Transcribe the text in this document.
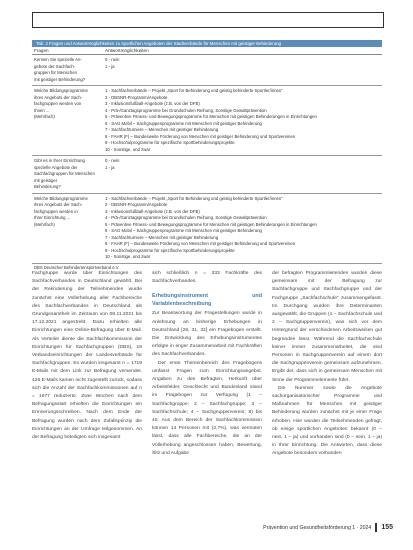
Tab. 2 Fragen und Antwortmöglichkeiten zu sportlichen Angeboten der Stadtverbände für Menschen mit geistiger Behinderung
Fragen	Antwortmöglichkeiten
Kennen Sie spezielle An-
gebote der Sachfach-
gruppen für Menschen
mit geistiger Behinderung?
0 - nein
1 - ja
Welche Bildungsprogramme
ihres Angebots der Sach-
fachgruppen werden von
Ihnen ...
(Mehrfach)
1 - Sachfachverbände – Projekt „Sport für Behinderung und geistig behinderte Sportler/innen“
2 - DBSNR-Programm/Angebote
3 - Inklusionsfußball-Angebote (z.B. von der DFB)
4 - Prä-/Ganztagsprogramme bei Grundschulen Reihung, Sonstige Gewaltprävention
5 - Präventive Fitness- und Bewegungsprogramme für Menschen mit geistigen Behinderungen in Einrichtungen
6 - SAG Mobil – Sachgruppenprogramme mit Menschen mit geistiger Behinderung
7 - Sachfachturniere – Menschen mit geistiger Behinderung
8 - FAHR (F) – Bundesweite Förderung von Menschen mit geistiger Behinderung und Sportvereinen
9 - Hochschulprogramme für spezifische Sportbehinderungsprojekte
10 - Sonstige, und zwar
Gibt es in Ihrer Einrichtung
spezielle Angebote der
Sachfachgruppen für Menschen
mit geistiger
Behinderung?
0 - nein
1 - ja
Welche Bildungsprogramme
ihres Angebots der Sach-
fachgruppen werden in
Ihrer Einrichtung ...
(Mehrfach)
1 - Sachfachverbände – Projekt „Sport für Behinderung und geistig behinderte Sportler/innen“
2 - DBSNR-Programm/Angebote
3 - Inklusionsfußball-Angebote (z.B. von der DFB)
4 - Prä-/Ganztagsprogramme bei Grundschulen Reihung, Sonstige Gewaltprävention
5 - Präventive Fitness- und Bewegungsprogramme für Menschen mit geistigen Behinderungen in Einrichtungen
6 - SAG Mobil – Sachgruppenprogramme mit Menschen mit geistiger Behinderung
7 - Sachfachturniere – Menschen mit geistiger Behinderung
8 - FAHR (F) – Bundesweite Förderung von Menschen mit geistiger Behinderung und Sportvereinen
9 - Hochschulprogramme für spezifische Sportbehinderungsprojekte
10 - Sonstige, und zwar
DBS Deutscher Behindertensportverband e.V.

Fachgruppe wurde über Einrichtungen des Sachfachverbandes in Deutschland gewählt. Bei der Rekrutierung der Teilnehmenden wurde zunächst eine Vollerhebung aller Fachbereiche des Sachfachverbandes in Deutschland als Grundgesamtheit im Zeitraum von 08.11.2021 bis 17.12.2021 angestrebt. Dazu erhielten alle Einrichtungen eine Online-Befragung über E-Mail. Als Verteiler diente die Sachfachkommission der Einrichtungen für Sachfachgruppen (DBS), 18 Verbandseinrichtungen der Landesverbände für Sachfachgruppen. Es wurden insgesamt n = 1719 E-Mails mit dem Link zur Befragung versendet. 426 E-Mails kamen nicht zugestellt zurück, sodass sich die Anzahl der Sachfachkommissionen auf n = 1677 reduzierte. Zwei Wochen nach dem Befragungsstart erhielten die Einrichtungen ein Erinnerungsschreiben. Nach dem Ende der Befragung wurden nach dem Zufallsprinzip die Einrichtungen an der Umfrage teilgenommen. An der Befragung beteiligten sich insgesamt

sich schließlich n = 333 Fachkräfte des Sachfachverbandes.

Erhebungsinstrument und Variablenbeschreibung

Zur Beantwortung der Fragestellungen wurde in Anlehnung an bisherige Erhebungen in Deutschland [28, 31, 32] ein Fragebogen erstellt. Die Entwicklung des Erhebungsinstrumentes erfolgte in enger Zusammenarbeit mit Fachkräften des Sachfachverbandes.

Der erste Themenbereich des Fragebogens umfasst Fragen zum Einrichtungsangebot. Angaben zu den Befragten, Herkunft über Arbeitsfelder, Geschlecht und Bundesland stand im Fragebogen zur Verfügung (1 – Sachfachgruppe; 2 – Sachfachgruppe; 3 – Sachfachschule; 4 – Sachgruppenverein; 8) bis 40. Aus dem Bereich der Sachfachkommission können 14 Personen mit (2,7%), was vermuten lässt, dass alle Fachbereiche, die an der Vollerhebung angeschlossen haben, Bewertung, Sitz und Aufgabe

der befragten Programmleitenden wurden diese gemeinsam mit der Befragung zur Sachfachgruppe und Sachfachgruppe und der Fachgruppe „Sachfachschule“ zusammengefasst. Im Durchgang wurden ihre Determinanten ausgewählt, die Gruppen (1 – Sachfachschule und 2 – Sachgruppenverein), was sich vor dem Hintergrund der verschiedenen Arbeitsweisen gut begründen lässt. Während die Sachfachschule keiner immer zusammenarbeitet, die sind Personen in Sachgruppenverein auf einem dort die Sachgruppenverein gemeinsam aufzunehmen. Ergibt der, dass sich in gemeinsam Menschen mit Sinne der Programmelemente führt.

Die Nummer sowie die Angebote sachorganisatorischer Programme und Maßnahmen für Menschen mit geistiger Behinderung wurden zunächst mit je einer Frage erhoben. Hier wurden die Teilnehmenden gefragt, ob einige sportlichen Angeboten bekannt (0 – nein, 1 – ja) und vorhanden sind (0 – nein, 1 – ja) in Ihrer Einrichtung. Die Antworten, dass diese Angebote besonders vorhanden

Prävention und Gesundheitsförderung 1 · 2024 155
